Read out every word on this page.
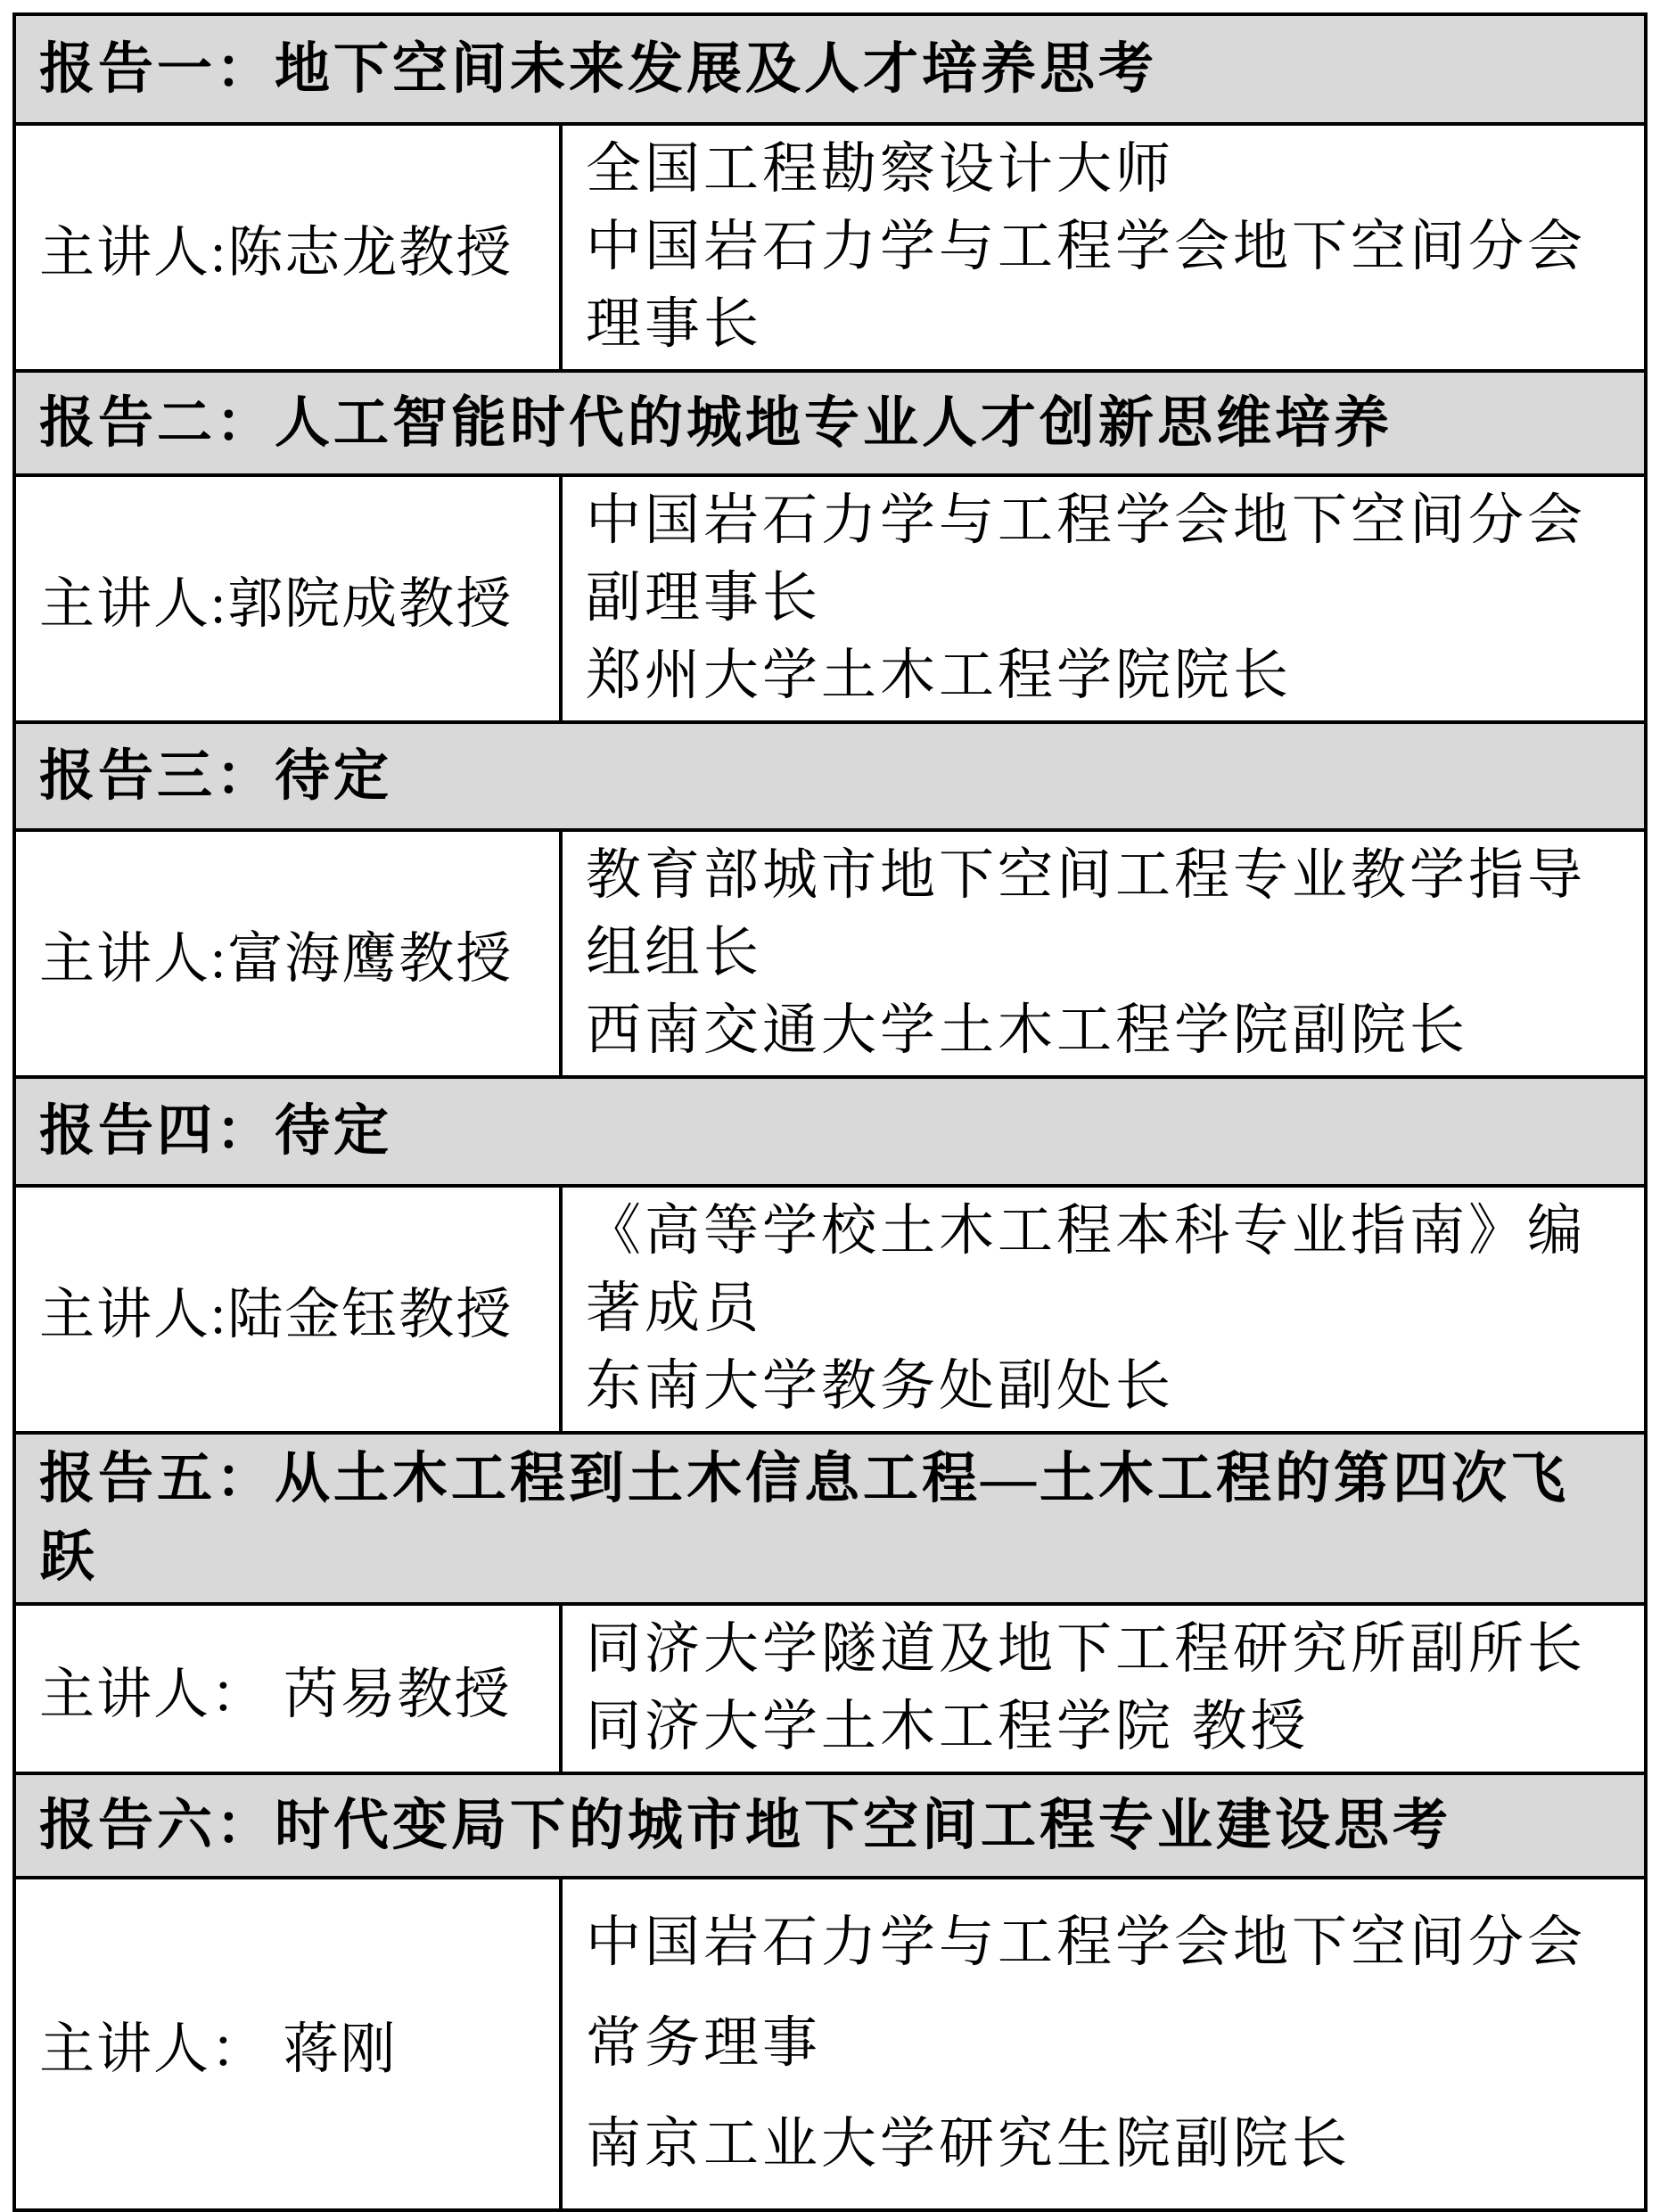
报告一：地下空间未来发展及人才培养思考	
主讲人:陈志龙教授	全国工程勘察设计大师
中国岩石力学与工程学会地下空间分会理事长

报告二：人工智能时代的城地专业人才创新思维培养	
主讲人:郭院成教授	中国岩石力学与工程学会地下空间分会副理事长
郑州大学土木工程学院院长

报告三：待定	
主讲人:富海鹰教授	教育部城市地下空间工程专业教学指导组组长
西南交通大学土木工程学院副院长

报告四：待定	
主讲人:陆金钰教授	《高等学校土木工程本科专业指南》编著成员
东南大学教务处副处长

报告五：从土木工程到土木信息工程—土木工程的第四次飞跃	
主讲人： 芮易教授	同济大学隧道及地下工程研究所副所长
同济大学土木工程学院 教授

报告六：时代变局下的城市地下空间工程专业建设思考	
主讲人： 蒋刚	中国岩石力学与工程学会地下空间分会
常务理事
南京工业大学研究生院副院长
